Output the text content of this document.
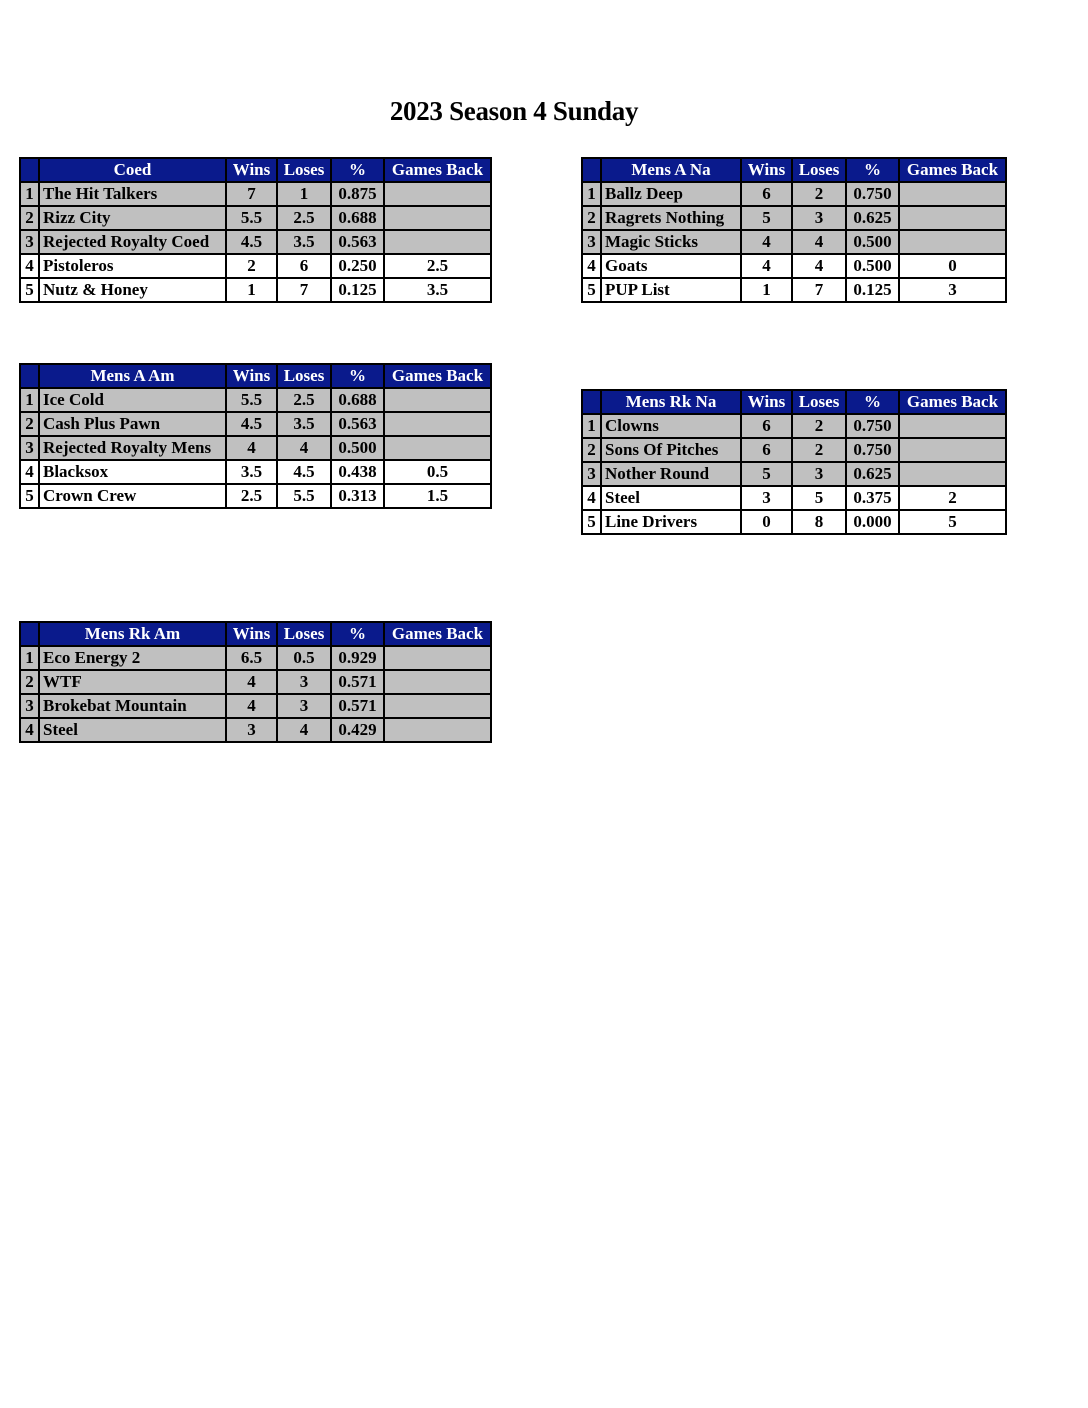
2023 Season 4 Sunday
	Coed	Wins	Loses	%	Games Back
1	The Hit Talkers	7	1	0.875	
2	Rizz City	5.5	2.5	0.688	
3	Rejected Royalty Coed	4.5	3.5	0.563	
4	Pistoleros	2	6	0.250	2.5
5	Nutz & Honey	1	7	0.125	3.5
	Mens A Am	Wins	Loses	%	Games Back
1	Ice Cold	5.5	2.5	0.688	
2	Cash Plus Pawn	4.5	3.5	0.563	
3	Rejected Royalty Mens	4	4	0.500	
4	Blacksox	3.5	4.5	0.438	0.5
5	Crown Crew	2.5	5.5	0.313	1.5
	Mens Rk Am	Wins	Loses	%	Games Back
1	Eco Energy 2	6.5	0.5	0.929	
2	WTF	4	3	0.571	
3	Brokebat Mountain	4	3	0.571	
4	Steel	3	4	0.429	
	Mens A Na	Wins	Loses	%	Games Back
1	Ballz Deep	6	2	0.750	
2	Ragrets Nothing	5	3	0.625	
3	Magic Sticks	4	4	0.500	
4	Goats	4	4	0.500	0
5	PUP List	1	7	0.125	3
	Mens Rk Na	Wins	Loses	%	Games Back
1	Clowns	6	2	0.750	
2	Sons Of Pitches	6	2	0.750	
3	Nother Round	5	3	0.625	
4	Steel	3	5	0.375	2
5	Line Drivers	0	8	0.000	5
